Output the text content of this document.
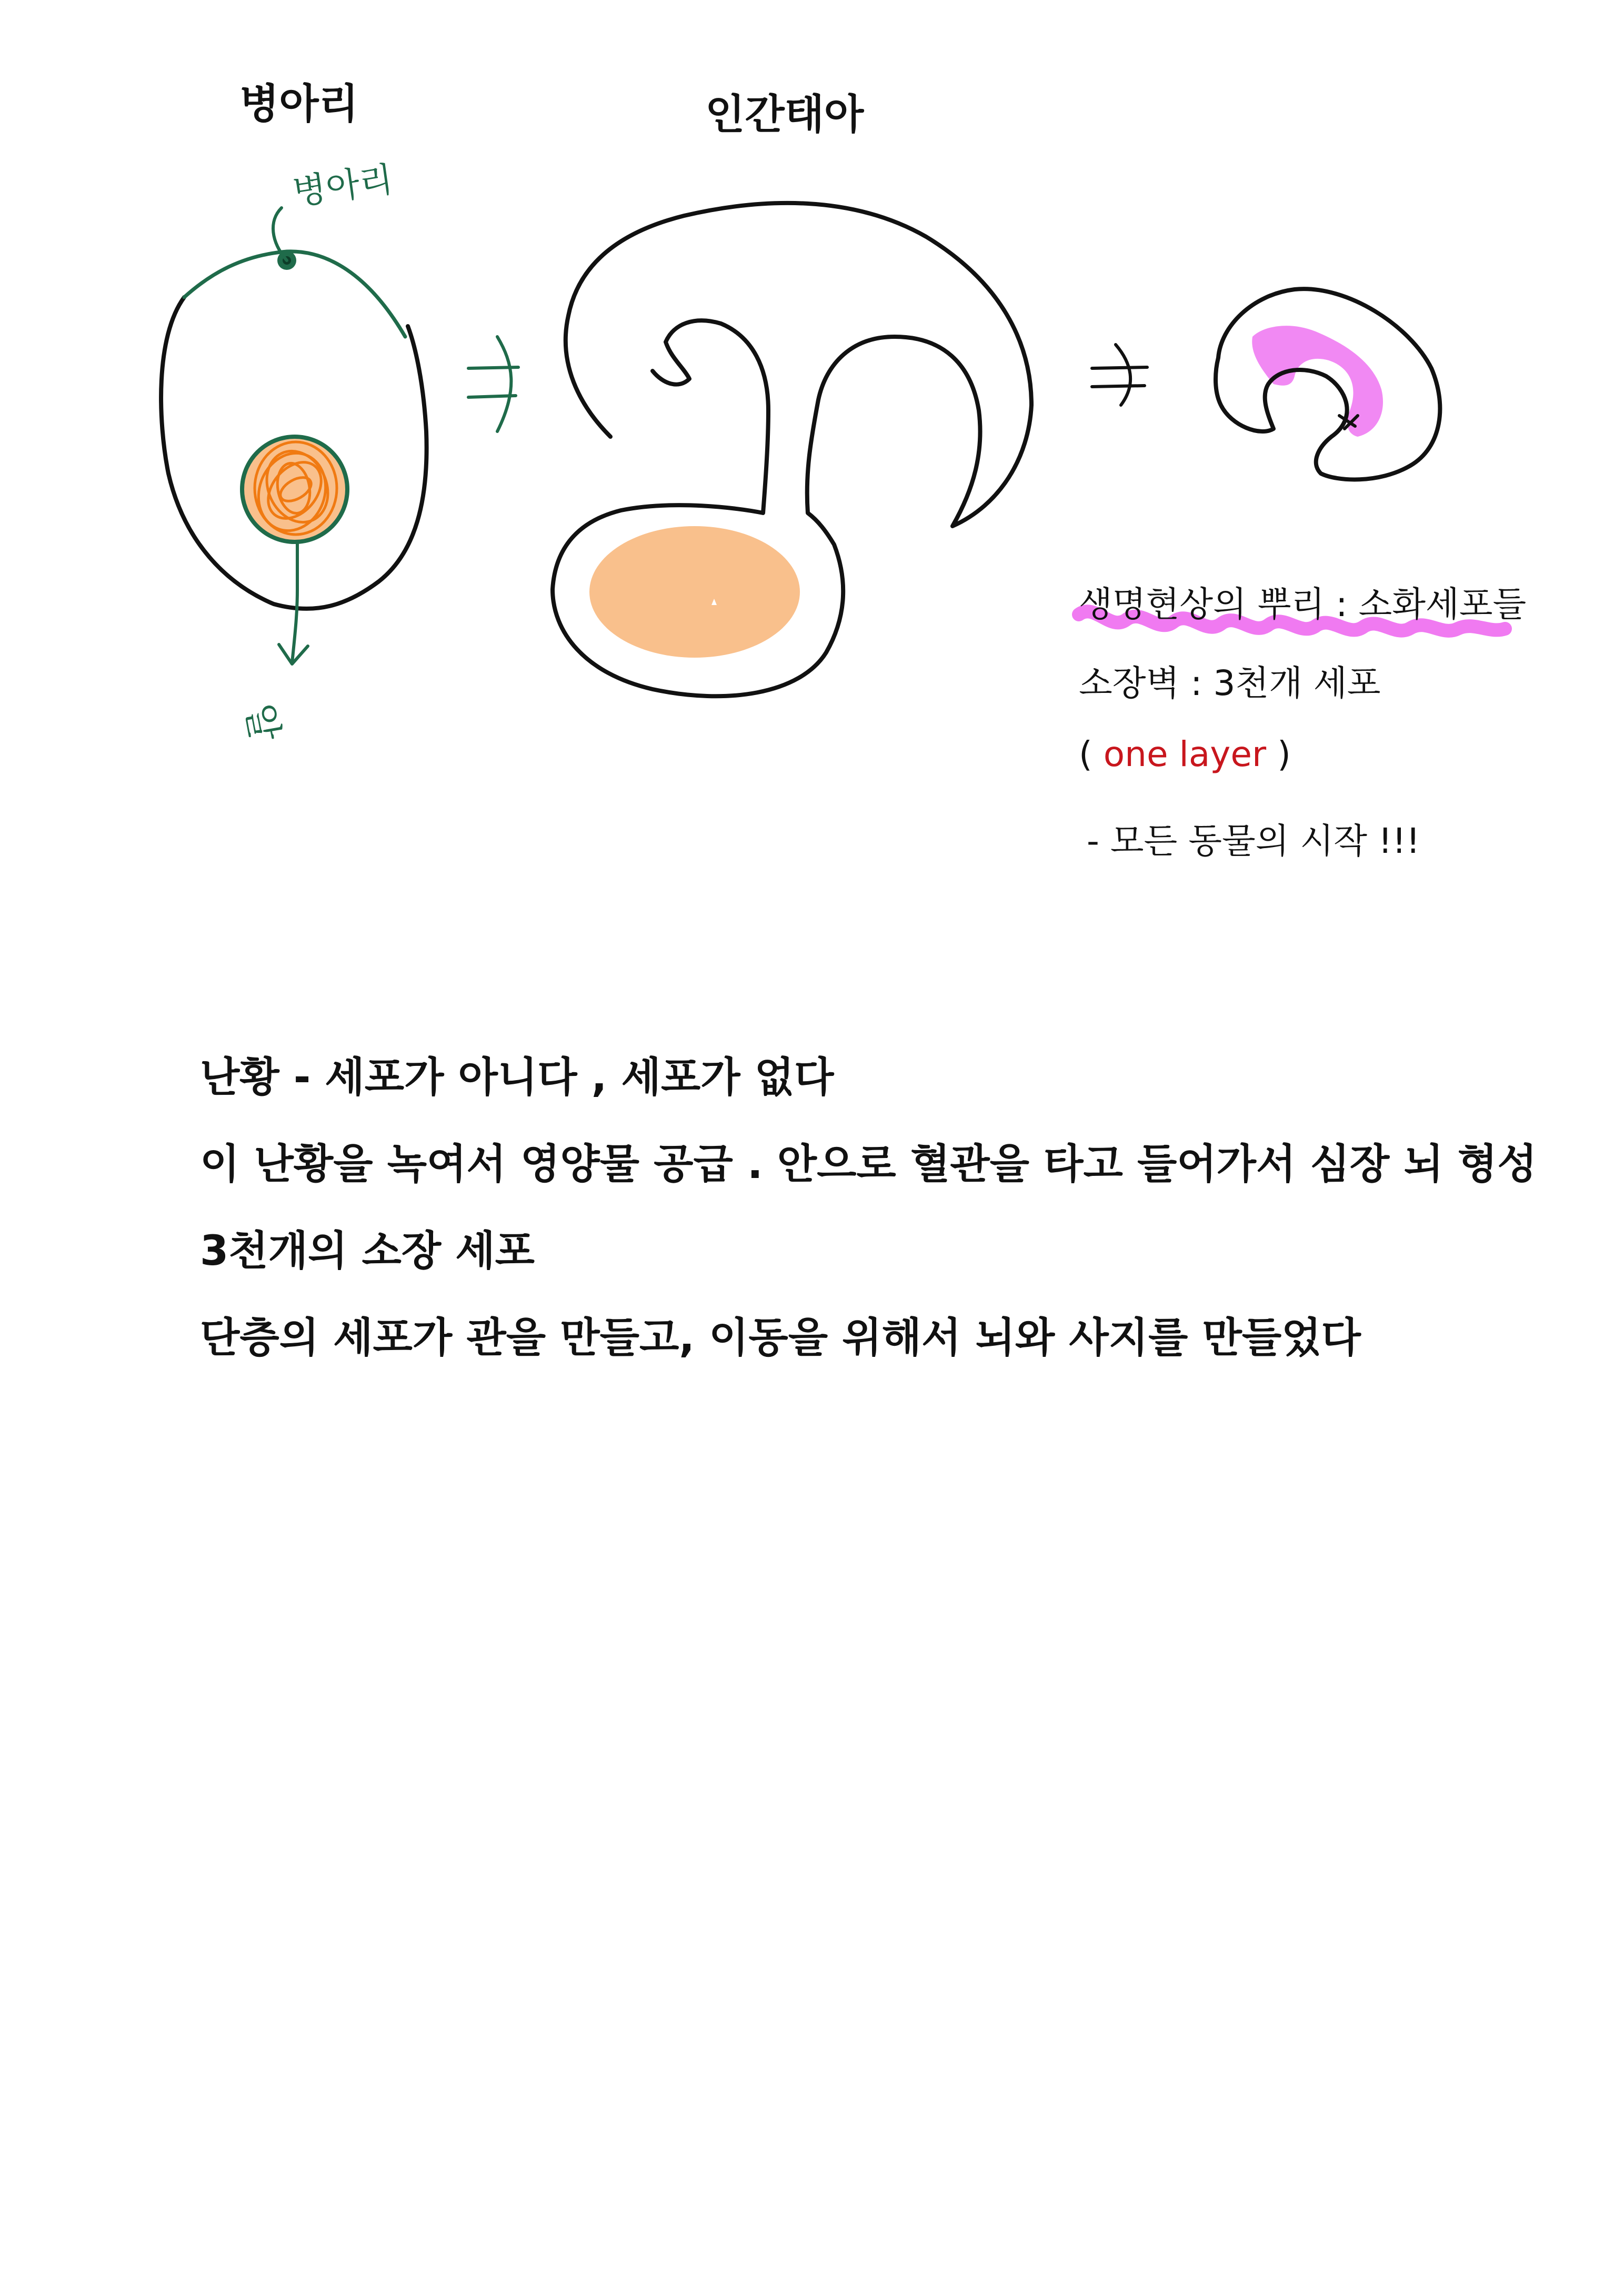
병아리	인간태아
병아리
알
생명현상의 뿌리 : 소화세포들
소장벽 : 3천개 세포
( one layer )
- 모든 동물의 시작 !!!
난황 - 세포가 아니다 , 세포가 없다
이 난황을 녹여서 영양물 공급 . 안으로 혈관을 타고 들어가서 심장 뇌 형성
3천개의 소장 세포
단층의 세포가 관을 만들고, 이동을 위해서 뇌와 사지를 만들었다
